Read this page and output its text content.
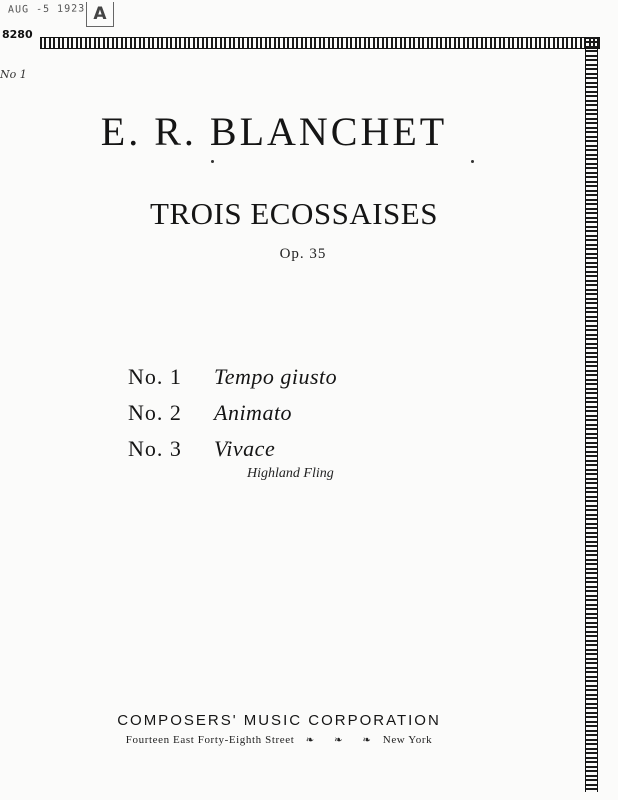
AUG -5 1923 A
8280
No 1
E. R. BLANCHET
TROIS ECOSSAISES
Op. 35
No. 1	Tempo giusto
No. 2	Animato
No. 3	Vivace
Highland Fling
COMPOSERS' MUSIC CORPORATION
Fourteen East Forty-Eighth Street ❧ ❧ ❧ New York
